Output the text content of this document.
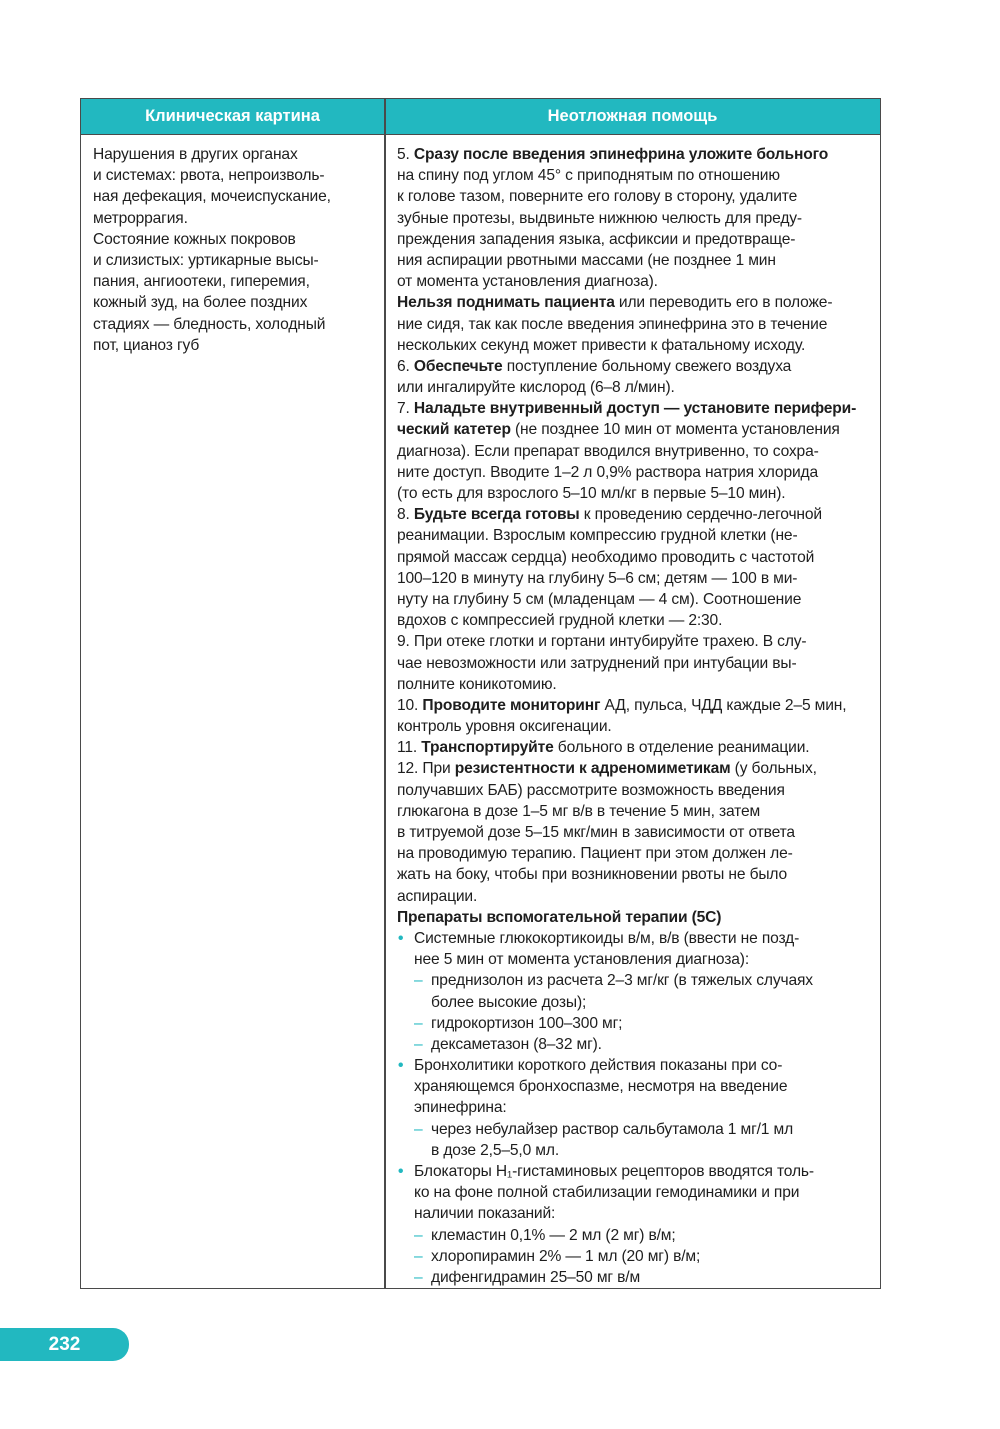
Клиническая картина	Неотложная помощь
Нарушения в других органах
и системах: рвота, непроизволь-
ная дефекация, мочеиспускание,
метроррагия.
Состояние кожных покровов
и слизистых: уртикарные высы-
пания, ангиоотеки, гиперемия,
кожный зуд, на более поздних
стадиях — бледность, холодный
пот, цианоз губ
5. Сразу после введения эпинефрина уложите больного
на спину под углом 45° с приподнятым по отношению
к голове тазом, поверните его голову в сторону, удалите
зубные протезы, выдвиньте нижнюю челюсть для преду-
преждения западения языка, асфиксии и предотвраще-
ния аспирации рвотными массами (не позднее 1 мин
от момента установления диагноза).
Нельзя поднимать пациента или переводить его в положе-
ние сидя, так как после введения эпинефрина это в течение
нескольких секунд может привести к фатальному исходу.
6. Обеспечьте поступление больному свежего воздуха
или ингалируйте кислород (6–8 л/мин).
7. Наладьте внутривенный доступ — установите перифери-
ческий катетер (не позднее 10 мин от момента установления
диагноза). Если препарат вводился внутривенно, то сохра-
ните доступ. Вводите 1–2 л 0,9% раствора натрия хлорида
(то есть для взрослого 5–10 мл/кг в первые 5–10 мин).
8. Будьте всегда готовы к проведению сердечно-легочной
реанимации. Взрослым компрессию грудной клетки (не-
прямой массаж сердца) необходимо проводить с частотой
100–120 в минуту на глубину 5–6 см; детям — 100 в ми-
нуту на глубину 5 см (младенцам — 4 см). Соотношение
вдохов с компрессией грудной клетки — 2:30.
9. При отеке глотки и гортани интубируйте трахею. В слу-
чае невозможности или затруднений при интубации вы-
полните коникотомию.
10. Проводите мониторинг АД, пульса, ЧДД каждые 2–5 мин,
контроль уровня оксигенации.
11. Транспортируйте больного в отделение реанимации.
12. При резистентности к адреномиметикам (у больных,
получавших БАБ) рассмотрите возможность введения
глюкагона в дозе 1–5 мг в/в в течение 5 мин, затем
в титруемой дозе 5–15 мкг/мин в зависимости от ответа
на проводимую терапию. Пациент при этом должен ле-
жать на боку, чтобы при возникновении рвоты не было
аспирации.
Препараты вспомогательной терапии (5С)
• Системные глюкокортикоиды в/м, в/в (ввести не позд-
нее 5 мин от момента установления диагноза):
– преднизолон из расчета 2–3 мг/кг (в тяжелых случаях
более высокие дозы);
– гидрокортизон 100–300 мг;
– дексаметазон (8–32 мг).
• Бронхолитики короткого действия показаны при со-
храняющемся бронхоспазме, несмотря на введение
эпинефрина:
– через небулайзер раствор сальбутамола 1 мг/1 мл
в дозе 2,5–5,0 мл.
• Блокаторы H₁-гистаминовых рецепторов вводятся толь-
ко на фоне полной стабилизации гемодинамики и при
наличии показаний:
– клемастин 0,1% — 2 мл (2 мг) в/м;
– хлоропирамин 2% — 1 мл (20 мг) в/м;
– дифенгидрамин 25–50 мг в/м
232
